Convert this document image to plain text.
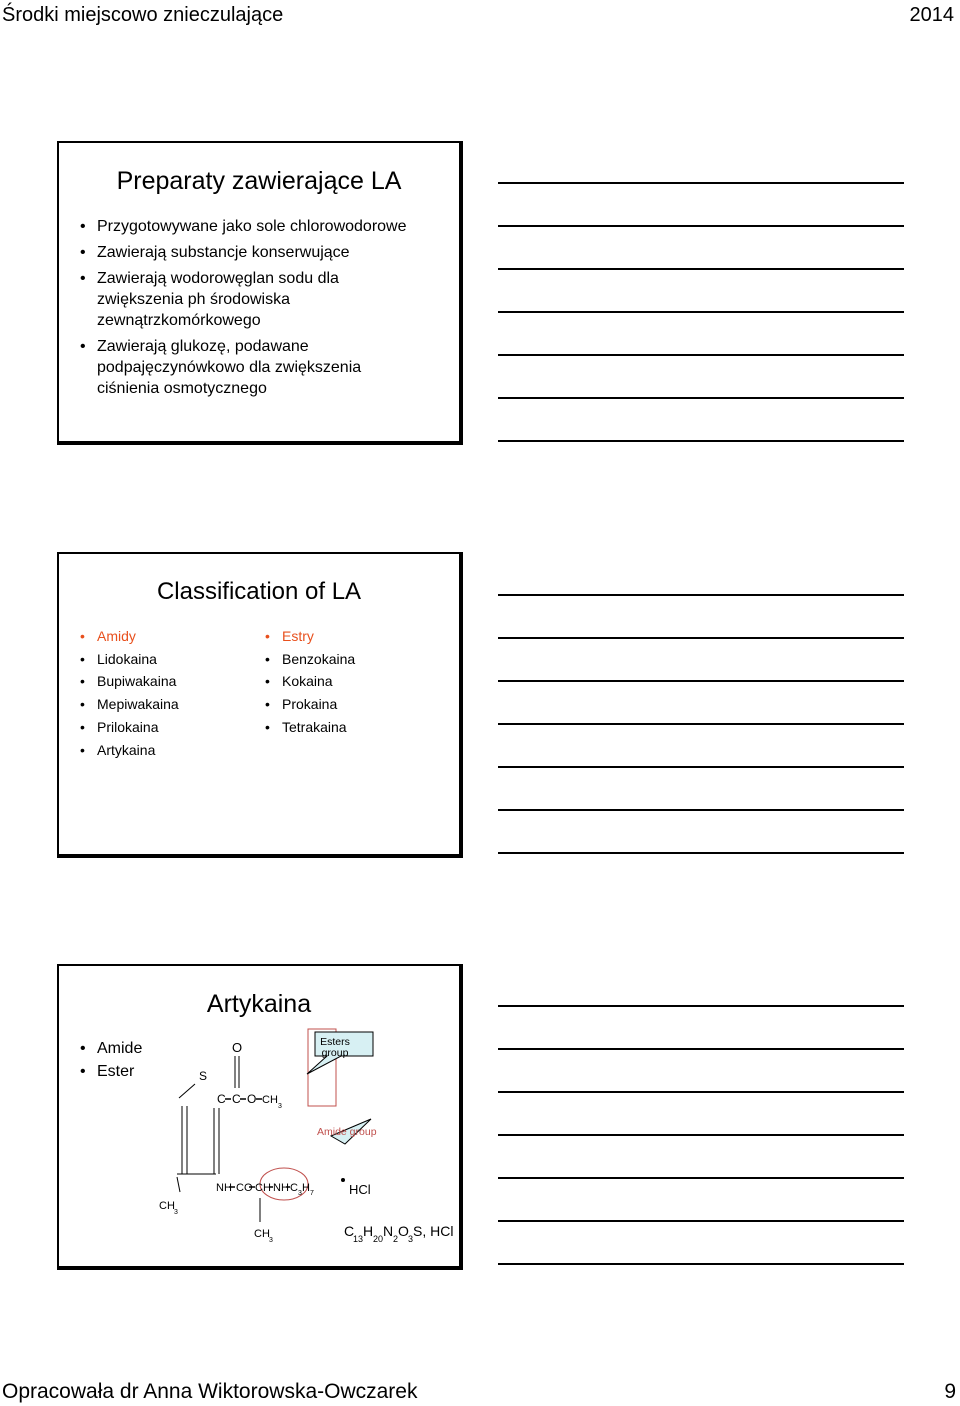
Środki miejscowo znieczulające	2014
Preparaty zawierające LA
• Przygotowywane jako sole chlorowodorowe
• Zawierają substancje konserwujące
• Zawierają wodorowęglan sodu dla zwiększenia ph środowiska zewnątrzkomórkowego
• Zawierają glukozę, podawane podpajęczynówkowo dla zwiększenia ciśnienia osmotycznego
Classification of LA
• Amidy
• Lidokaina
• Bupiwakaina
• Mepiwakaina
• Prilokaina
• Artykaina
• Estry
• Benzokaina
• Kokaina
• Prokaina
• Tetrakaina
Artykaina
• Amide
• Ester
Esters
group
Amide group
O
S
C C O CH
3
CH
3
NH CO CH NH C 3 H 7	HCl
CH
3
C
13 H 20 N 2 O 3 S, HCl
Opracowała dr Anna Wiktorowska-Owczarek	9
